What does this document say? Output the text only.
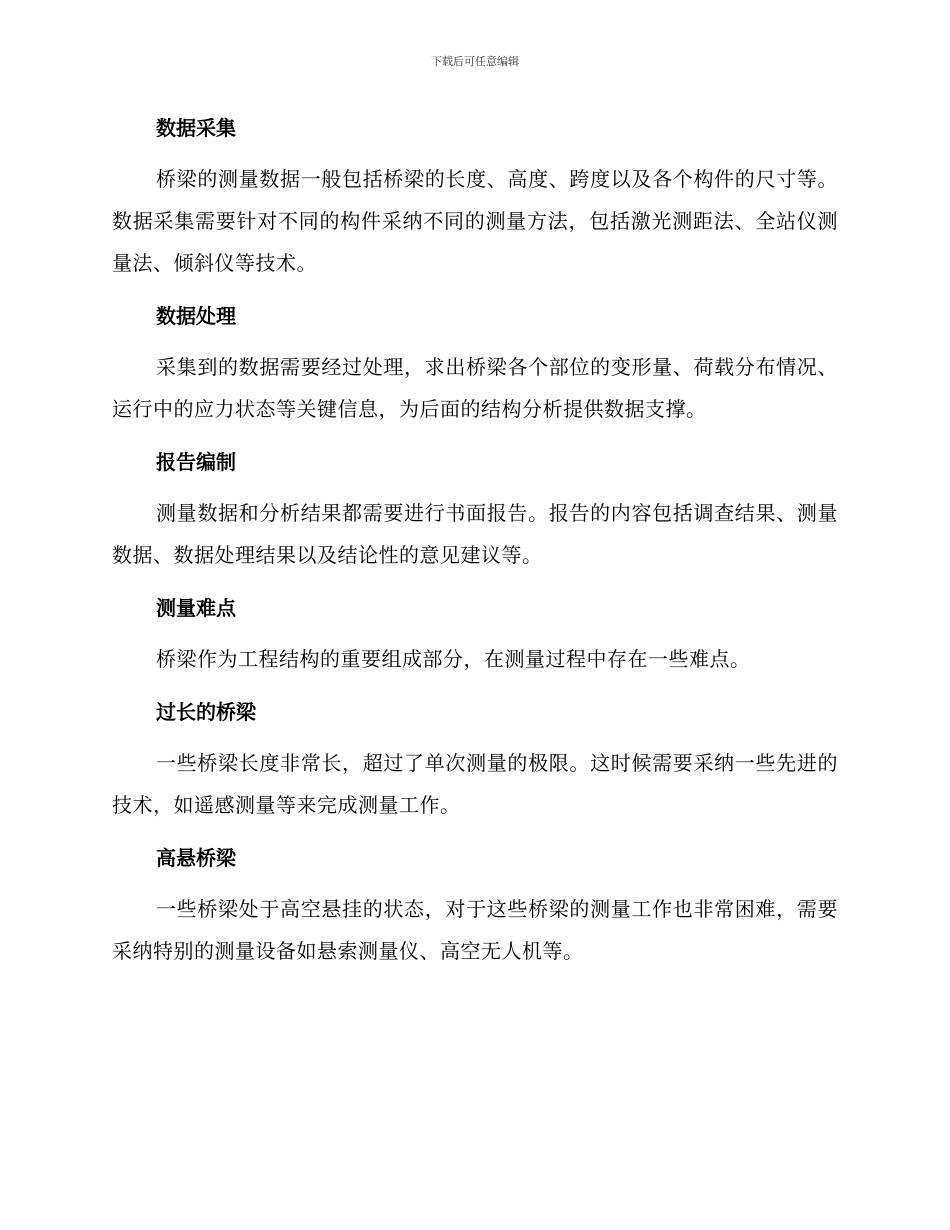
下载后可任意编辑
数据采集

桥梁的测量数据一般包括桥梁的长度、高度、跨度以及各个构件的尺寸等。数据采集需要针对不同的构件采纳不同的测量方法，包括激光测距法、全站仪测量法、倾斜仪等技术。

数据处理

采集到的数据需要经过处理，求出桥梁各个部位的变形量、荷载分布情况、运行中的应力状态等关键信息，为后面的结构分析提供数据支撑。

报告编制

测量数据和分析结果都需要进行书面报告。报告的内容包括调查结果、测量数据、数据处理结果以及结论性的意见建议等。

测量难点

桥梁作为工程结构的重要组成部分，在测量过程中存在一些难点。

过长的桥梁

一些桥梁长度非常长，超过了单次测量的极限。这时候需要采纳一些先进的技术，如遥感测量等来完成测量工作。

高悬桥梁

一些桥梁处于高空悬挂的状态，对于这些桥梁的测量工作也非常困难，需要采纳特别的测量设备如悬索测量仪、高空无人机等。
